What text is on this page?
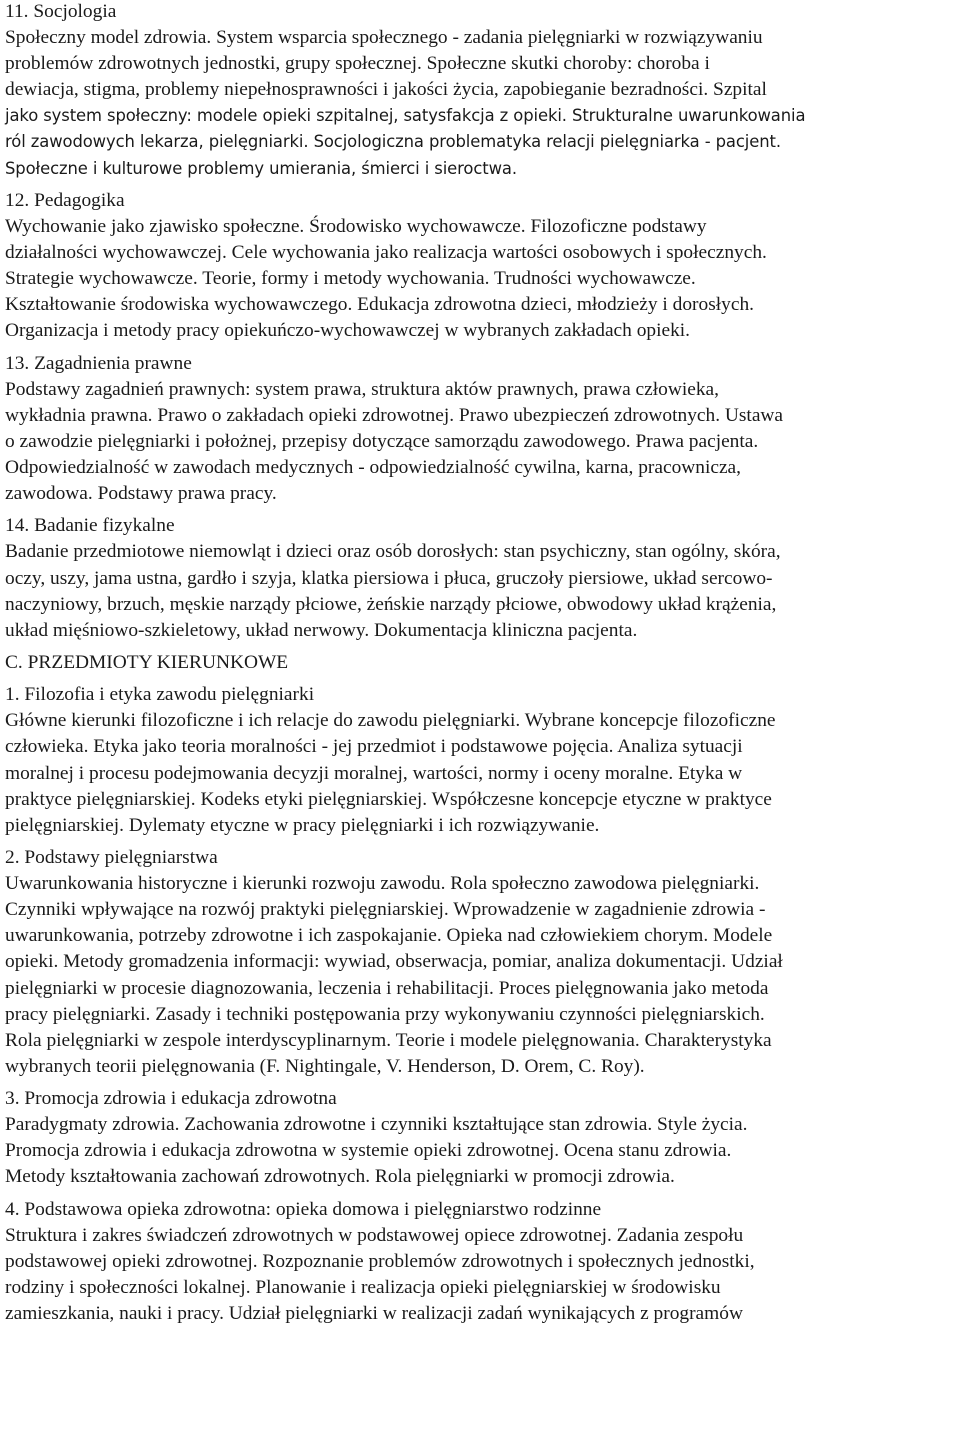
11. Socjologia
Społeczny model zdrowia. System wsparcia społecznego - zadania pielęgniarki w rozwiązywaniu
problemów zdrowotnych jednostki, grupy społecznej. Społeczne skutki choroby: choroba i
dewiacja, stigma, problemy niepełnosprawności i jakości życia, zapobieganie bezradności. Szpital
jako system społeczny: modele opieki szpitalnej, satysfakcja z opieki. Strukturalne uwarunkowania
ról zawodowych lekarza, pielęgniarki. Socjologiczna problematyka relacji pielęgniarka - pacjent.
Społeczne i kulturowe problemy umierania, śmierci i sieroctwa.
12. Pedagogika
Wychowanie jako zjawisko społeczne. Środowisko wychowawcze. Filozoficzne podstawy
działalności wychowawczej. Cele wychowania jako realizacja wartości osobowych i społecznych.
Strategie wychowawcze. Teorie, formy i metody wychowania. Trudności wychowawcze.
Kształtowanie środowiska wychowawczego. Edukacja zdrowotna dzieci, młodzieży i dorosłych.
Organizacja i metody pracy opiekuńczo-wychowawczej w wybranych zakładach opieki.
13. Zagadnienia prawne
Podstawy zagadnień prawnych: system prawa, struktura aktów prawnych, prawa człowieka,
wykładnia prawna. Prawo o zakładach opieki zdrowotnej. Prawo ubezpieczeń zdrowotnych. Ustawa
o zawodzie pielęgniarki i położnej, przepisy dotyczące samorządu zawodowego. Prawa pacjenta.
Odpowiedzialność w zawodach medycznych - odpowiedzialność cywilna, karna, pracownicza,
zawodowa. Podstawy prawa pracy.
14. Badanie fizykalne
Badanie przedmiotowe niemowląt i dzieci oraz osób dorosłych: stan psychiczny, stan ogólny, skóra,
oczy, uszy, jama ustna, gardło i szyja, klatka piersiowa i płuca, gruczoły piersiowe, układ sercowo-
naczyniowy, brzuch, męskie narządy płciowe, żeńskie narządy płciowe, obwodowy układ krążenia,
układ mięśniowo-szkieletowy, układ nerwowy. Dokumentacja kliniczna pacjenta.
C. PRZEDMIOTY KIERUNKOWE
1. Filozofia i etyka zawodu pielęgniarki
Główne kierunki filozoficzne i ich relacje do zawodu pielęgniarki. Wybrane koncepcje filozoficzne
człowieka. Etyka jako teoria moralności - jej przedmiot i podstawowe pojęcia. Analiza sytuacji
moralnej i procesu podejmowania decyzji moralnej, wartości, normy i oceny moralne. Etyka w
praktyce pielęgniarskiej. Kodeks etyki pielęgniarskiej. Współczesne koncepcje etyczne w praktyce
pielęgniarskiej. Dylematy etyczne w pracy pielęgniarki i ich rozwiązywanie.
2. Podstawy pielęgniarstwa
Uwarunkowania historyczne i kierunki rozwoju zawodu. Rola społeczno zawodowa pielęgniarki.
Czynniki wpływające na rozwój praktyki pielęgniarskiej. Wprowadzenie w zagadnienie zdrowia -
uwarunkowania, potrzeby zdrowotne i ich zaspokajanie. Opieka nad człowiekiem chorym. Modele
opieki. Metody gromadzenia informacji: wywiad, obserwacja, pomiar, analiza dokumentacji. Udział
pielęgniarki w procesie diagnozowania, leczenia i rehabilitacji. Proces pielęgnowania jako metoda
pracy pielęgniarki. Zasady i techniki postępowania przy wykonywaniu czynności pielęgniarskich.
Rola pielęgniarki w zespole interdyscyplinarnym. Teorie i modele pielęgnowania. Charakterystyka
wybranych teorii pielęgnowania (F. Nightingale, V. Henderson, D. Orem, C. Roy).
3. Promocja zdrowia i edukacja zdrowotna
Paradygmaty zdrowia. Zachowania zdrowotne i czynniki kształtujące stan zdrowia. Style życia.
Promocja zdrowia i edukacja zdrowotna w systemie opieki zdrowotnej. Ocena stanu zdrowia.
Metody kształtowania zachowań zdrowotnych. Rola pielęgniarki w promocji zdrowia.
4. Podstawowa opieka zdrowotna: opieka domowa i pielęgniarstwo rodzinne
Struktura i zakres świadczeń zdrowotnych w podstawowej opiece zdrowotnej. Zadania zespołu
podstawowej opieki zdrowotnej. Rozpoznanie problemów zdrowotnych i społecznych jednostki,
rodziny i społeczności lokalnej. Planowanie i realizacja opieki pielęgniarskiej w środowisku
zamieszkania, nauki i pracy. Udział pielęgniarki w realizacji zadań wynikających z programów
